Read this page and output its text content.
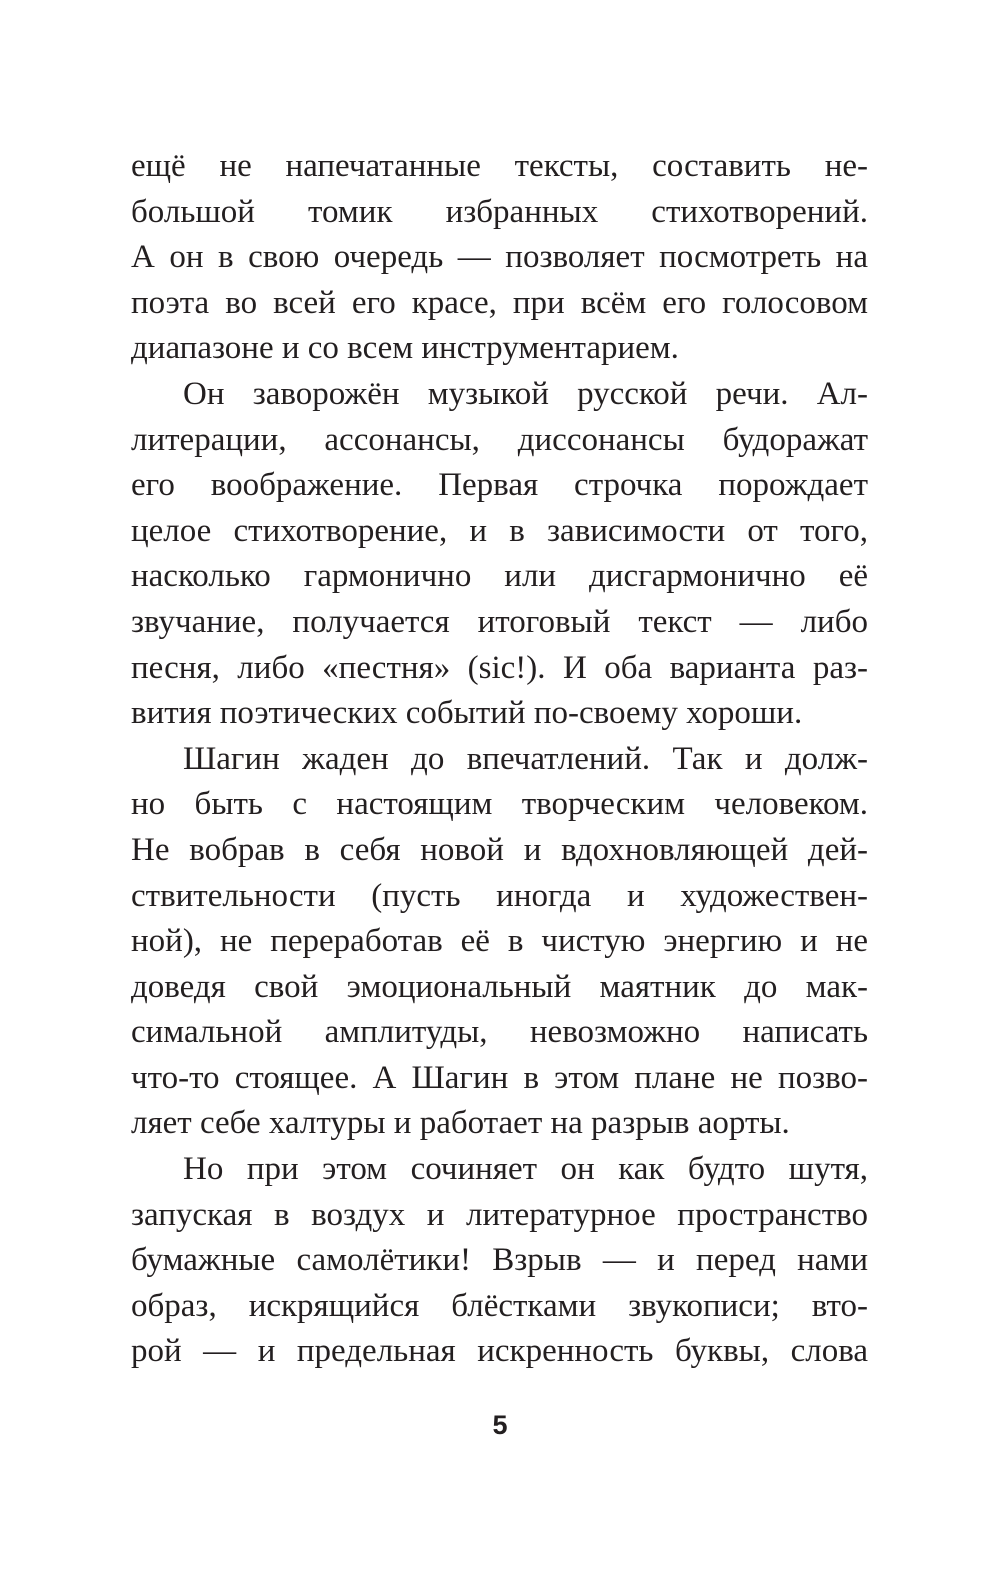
ещё не напечатанные тексты, составить не-
большой томик избранных стихотворений.
А он в свою очередь — позволяет посмотреть на
поэта во всей его красе, при всём его голосовом
диапазоне и со всем инструментарием.
Он заворожён музыкой русской речи. Ал-
литерации, ассонансы, диссонансы будоражат
его воображение. Первая строчка порождает
целое стихотворение, и в зависимости от того,
насколько гармонично или дисгармонично её
звучание, получается итоговый текст — либо
песня, либо «пестня» (sic!). И оба варианта раз-
вития поэтических событий по-своему хороши.
Шагин жаден до впечатлений. Так и долж-
но быть с настоящим творческим человеком.
Не вобрав в себя новой и вдохновляющей дей-
ствительности (пусть иногда и художествен-
ной), не переработав её в чистую энергию и не
доведя свой эмоциональный маятник до мак-
симальной амплитуды, невозможно написать
что-то стоящее. А Шагин в этом плане не позво-
ляет себе халтуры и работает на разрыв аорты.
Но при этом сочиняет он как будто шутя,
запуская в воздух и литературное пространство
бумажные самолётики! Взрыв — и перед нами
образ, искрящийся блёстками звукописи; вто-
рой — и предельная искренность буквы, слова
5
